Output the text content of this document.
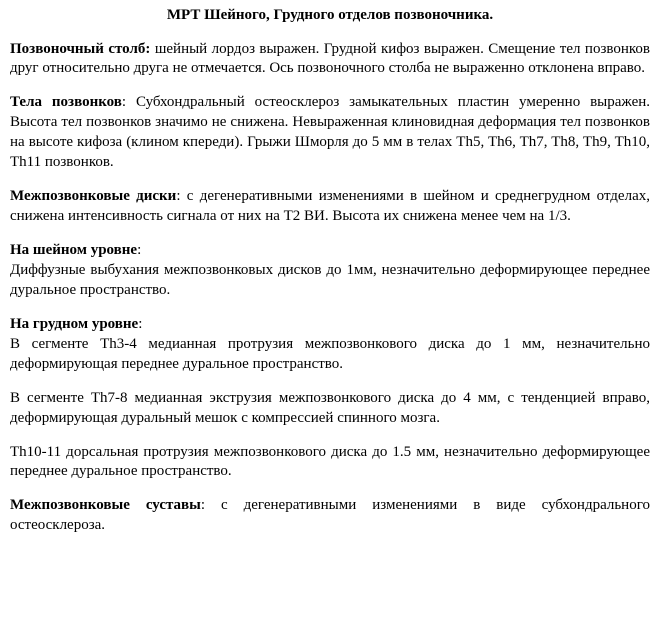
МРТ Шейного, Грудного отделов позвоночника.

Позвоночный столб: шейный лордоз выражен. Грудной кифоз выражен. Смещение тел позвонков друг относительно друга не отмечается. Ось позвоночного столба не выраженно отклонена вправо.

Тела позвонков: Субхондральный остеосклероз замыкательных пластин умеренно выражен. Высота тел позвонков значимо не снижена. Невыраженная клиновидная деформация тел позвонков на высоте кифоза (клином кпереди). Грыжи Шморля до 5 мм в телах Th5, Th6, Th7, Th8, Th9, Th10, Th11 позвонков.

Межпозвонковые диски: с дегенеративными изменениями в шейном и среднегрудном отделах, снижена интенсивность сигнала от них на Т2 ВИ. Высота их снижена менее чем на 1/3.

На шейном уровне:

Диффузные выбухания межпозвонковых дисков до 1мм, незначительно деформирующее переднее дуральное пространство.

На грудном уровне:

В сегменте Th3-4 медианная протрузия межпозвонкового диска до 1 мм, незначительно деформирующая переднее дуральное пространство.

В сегменте Th7-8 медианная экструзия межпозвонкового диска до 4 мм, с тенденцией вправо, деформирующая дуральный мешок с компрессией спинного мозга.

Th10-11 дорсальная протрузия межпозвонкового диска до 1.5 мм, незначительно деформирующее переднее дуральное пространство.

Межпозвонковые суставы: с дегенеративными изменениями в виде субхондрального остеосклероза.
